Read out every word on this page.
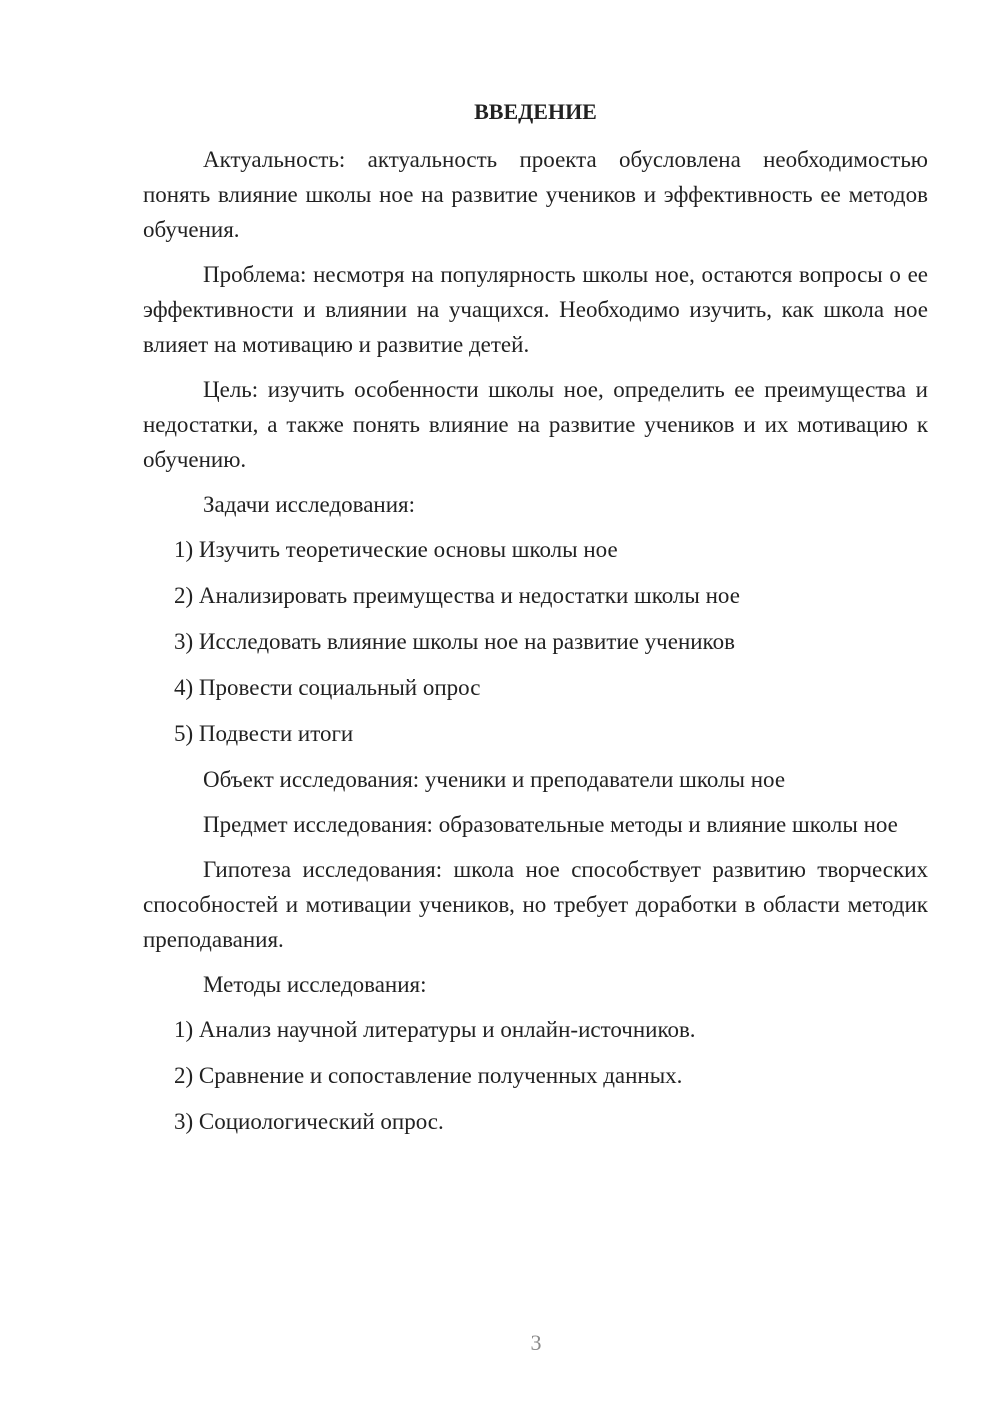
ВВЕДЕНИЕ

Актуальность: актуальность проекта обусловлена необходимостью понять влияние школы ное на развитие учеников и эффективность ее методов обучения.

Проблема: несмотря на популярность школы ное, остаются вопросы о ее эффективности и влиянии на учащихся. Необходимо изучить, как школа ное влияет на мотивацию и развитие детей.

Цель: изучить особенности школы ное, определить ее преимущества и недостатки, а также понять влияние на развитие учеников и их мотивацию к обучению.

Задачи исследования:

1) Изучить теоретические основы школы ное
2) Анализировать преимущества и недостатки школы ное
3) Исследовать влияние школы ное на развитие учеников
4) Провести социальный опрос
5) Подвести итоги

Объект исследования: ученики и преподаватели школы ное

Предмет исследования: образовательные методы и влияние школы ное

Гипотеза исследования: школа ное способствует развитию творческих способностей и мотивации учеников, но требует доработки в области методик преподавания.

Методы исследования:

1) Анализ научной литературы и онлайн-источников.
2) Сравнение и сопоставление полученных данных.
3) Социологический опрос.
3
